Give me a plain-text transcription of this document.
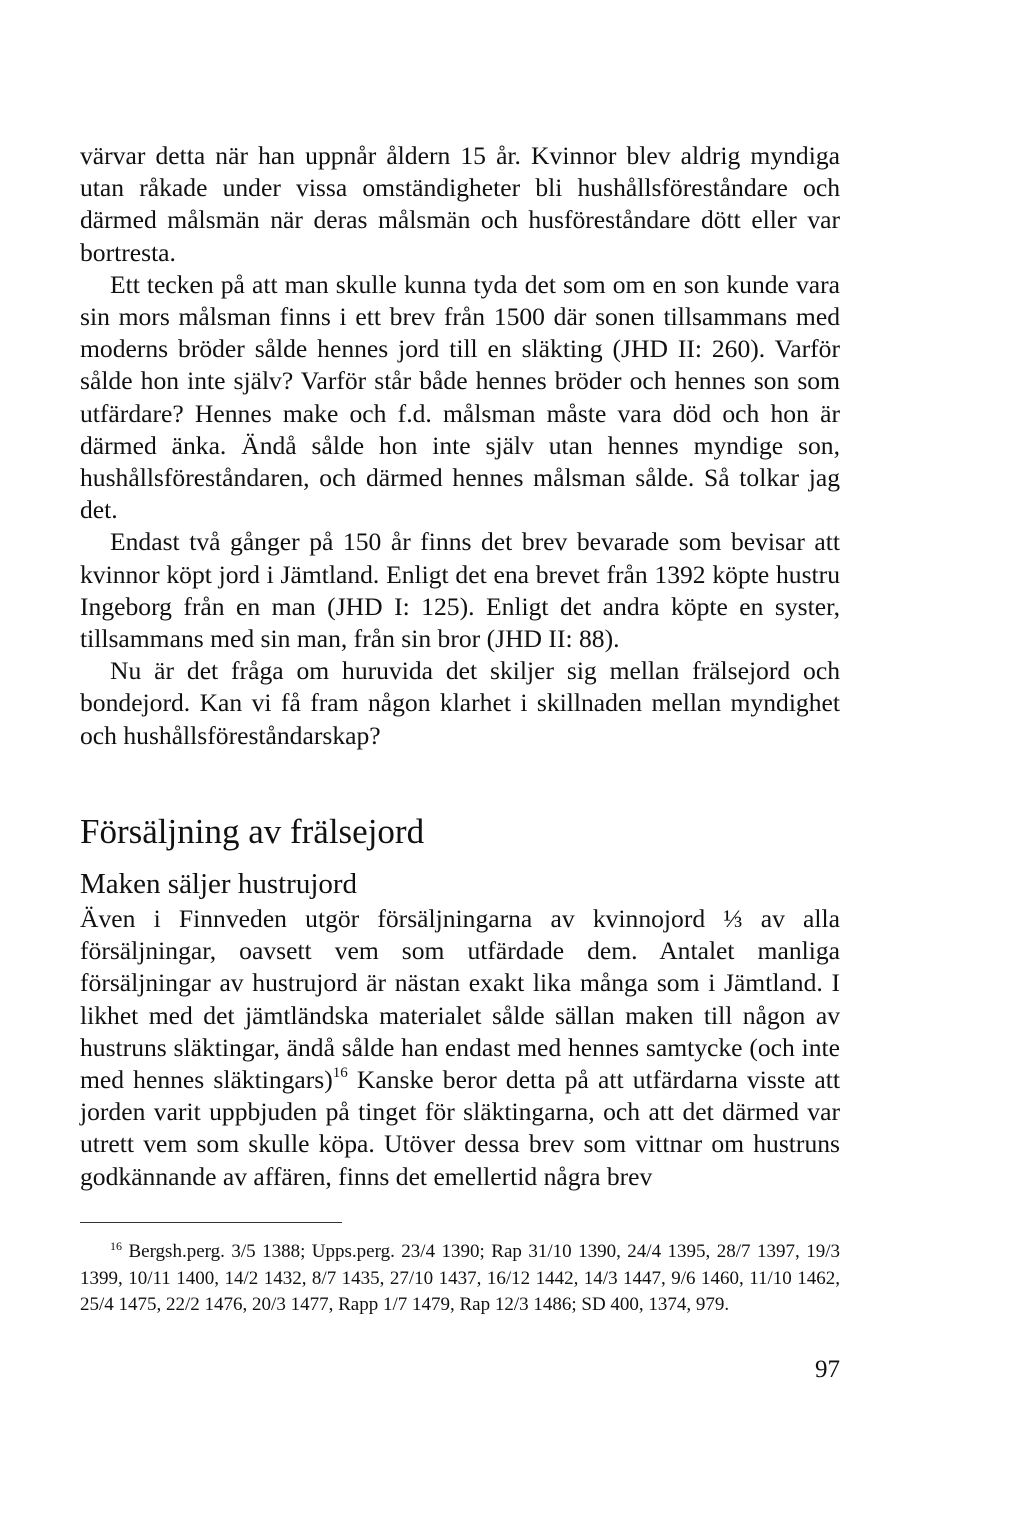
värvar detta när han uppnår åldern 15 år. Kvinnor blev aldrig myndiga utan råkade under vissa omständigheter bli hushållsföreståndare och därmed målsmän när deras målsmän och husföreståndare dött eller var bortresta.

Ett tecken på att man skulle kunna tyda det som om en son kunde vara sin mors målsman finns i ett brev från 1500 där sonen tillsammans med moderns bröder sålde hennes jord till en släkting (JHD II: 260). Varför sålde hon inte själv? Varför står både hennes bröder och hennes son som utfärdare? Hennes make och f.d. målsman måste vara död och hon är därmed änka. Ändå sålde hon inte själv utan hennes myndige son, hushållsföreståndaren, och därmed hennes målsman sålde. Så tolkar jag det.

Endast två gånger på 150 år finns det brev bevarade som bevisar att kvinnor köpt jord i Jämtland. Enligt det ena brevet från 1392 köpte hustru Ingeborg från en man (JHD I: 125). Enligt det andra köpte en syster, tillsammans med sin man, från sin bror (JHD II: 88).

Nu är det fråga om huruvida det skiljer sig mellan frälsejord och bondejord. Kan vi få fram någon klarhet i skillnaden mellan myndighet och hushållsföreståndarskap?

Försäljning av frälsejord
Maken säljer hustrujord

Även i Finnveden utgör försäljningarna av kvinnojord ⅓ av alla försäljningar, oavsett vem som utfärdade dem. Antalet manliga försäljningar av hustrujord är nästan exakt lika många som i Jämtland. I likhet med det jämtländska materialet sålde sällan maken till någon av hustruns släktingar, ändå sålde han endast med hennes samtycke (och inte med hennes släktingars)$^{16}$ Kanske beror detta på att utfärdarna visste att jorden varit uppbjuden på tinget för släktingarna, och att det därmed var utrett vem som skulle köpa. Utöver dessa brev som vittnar om hustruns godkännande av affären, finns det emellertid några brev

$^{16}$ Bergsh.perg. 3/5 1388; Upps.perg. 23/4 1390; Rap 31/10 1390, 24/4 1395, 28/7 1397, 19/3 1399, 10/11 1400, 14/2 1432, 8/7 1435, 27/10 1437, 16/12 1442, 14/3 1447, 9/6 1460, 11/10 1462, 25/4 1475, 22/2 1476, 20/3 1477, Rapp 1/7 1479, Rap 12/3 1486; SD 400, 1374, 979.

97
